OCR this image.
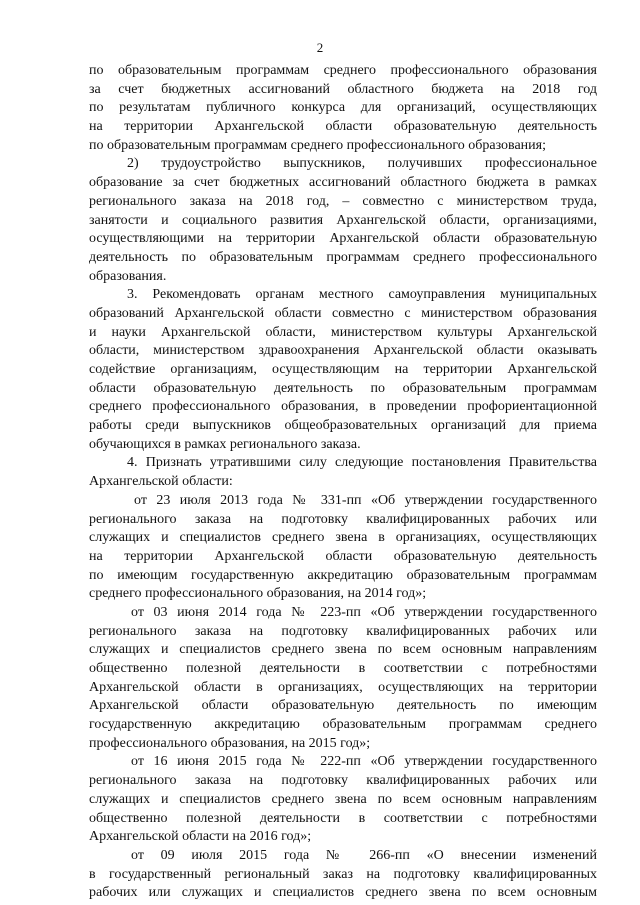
2
по образовательным программам среднего профессионального образования
за счет бюджетных ассигнований областного бюджета на 2018 год
по результатам публичного конкурса для организаций, осуществляющих
на территории Архангельской области образовательную деятельность
по образовательным программам среднего профессионального образования;
2) трудоустройство выпускников, получивших профессиональное
образование за счет бюджетных ассигнований областного бюджета в рамках
регионального заказа на 2018 год, – совместно с министерством труда,
занятости и социального развития Архангельской области, организациями,
осуществляющими на территории Архангельской области образовательную
деятельность по образовательным программам среднего профессионального
образования.
3. Рекомендовать органам местного самоуправления муниципальных
образований Архангельской области совместно с министерством образования
и науки Архангельской области, министерством культуры Архангельской
области, министерством здравоохранения Архангельской области оказывать
содействие организациям, осуществляющим на территории Архангельской
области образовательную деятельность по образовательным программам
среднего профессионального образования, в проведении профориентационной
работы среди выпускников общеобразовательных организаций для приема
обучающихся в рамках регионального заказа.
4. Признать утратившими силу следующие постановления Правительства
Архангельской области:
от 23 июля 2013 года № 331-пп «Об утверждении государственного
регионального заказа на подготовку квалифицированных рабочих или
служащих и специалистов среднего звена в организациях, осуществляющих
на территории Архангельской области образовательную деятельность
по имеющим государственную аккредитацию образовательным программам
среднего профессионального образования, на 2014 год»;
от 03 июня 2014 года № 223-пп «Об утверждении государственного
регионального заказа на подготовку квалифицированных рабочих или
служащих и специалистов среднего звена по всем основным направлениям
общественно полезной деятельности в соответствии с потребностями
Архангельской области в организациях, осуществляющих на территории
Архангельской области образовательную деятельность по имеющим
государственную аккредитацию образовательным программам среднего
профессионального образования, на 2015 год»;
от 16 июня 2015 года № 222-пп «Об утверждении государственного
регионального заказа на подготовку квалифицированных рабочих или
служащих и специалистов среднего звена по всем основным направлениям
общественно полезной деятельности в соответствии с потребностями
Архангельской области на 2016 год»;
от 09 июля 2015 года № 266-пп «О внесении изменений
в государственный региональный заказ на подготовку квалифицированных
рабочих или служащих и специалистов среднего звена по всем основным
